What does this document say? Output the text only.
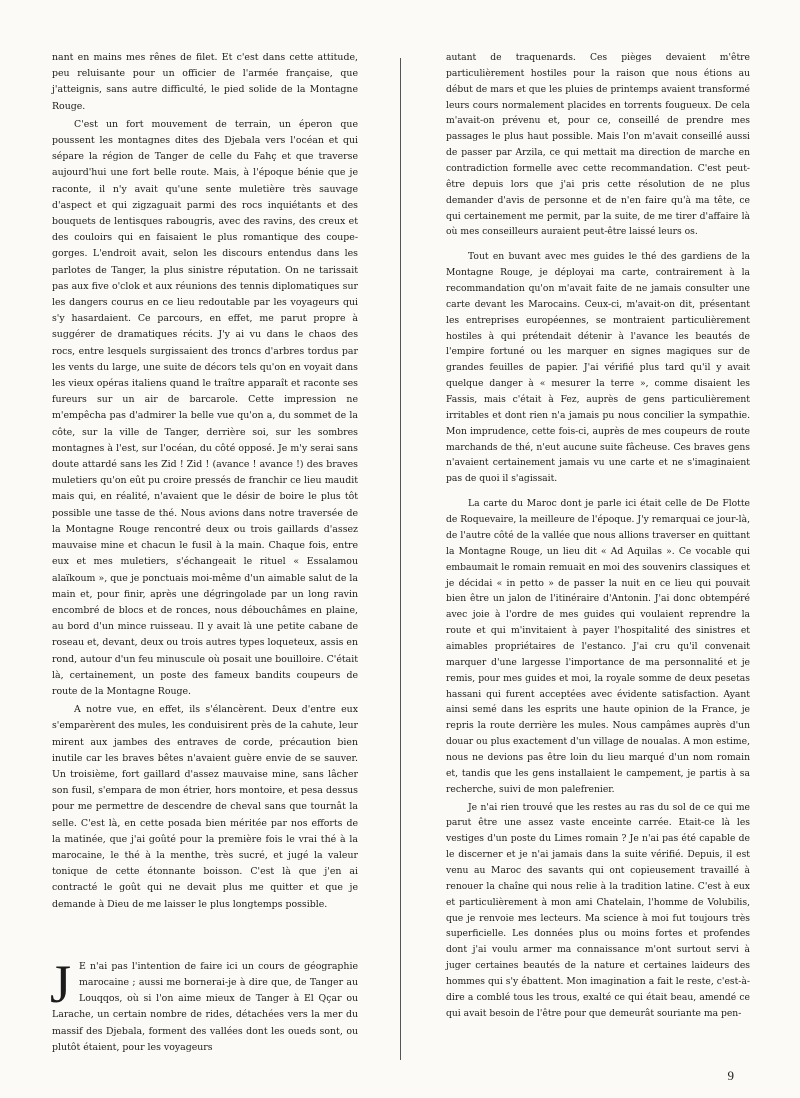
nant en mains mes rênes de filet. Et c'est dans cette attitude, peu reluisante pour un officier de l'armée française, que j'atteignis, sans autre difficulté, le pied solide de la Montagne Rouge.

C'est un fort mouvement de terrain, un éperon que poussent les montagnes dites des Djebala vers l'océan et qui sépare la région de Tanger de celle du Fahç et que traverse aujourd'hui une fort belle route. Mais, à l'époque bénie que je raconte, il n'y avait qu'une sente muletière très sauvage d'aspect et qui zigzaguait parmi des rocs inquiétants et des bouquets de lentisques rabougris, avec des ravins, des creux et des couloirs qui en faisaient le plus romantique des coupe-gorges. L'endroit avait, selon les discours entendus dans les parlotes de Tanger, la plus sinistre réputation. On ne tarissait pas aux five o'clok et aux réunions des tennis diplomatiques sur les dangers courus en ce lieu redoutable par les voyageurs qui s'y hasardaient. Ce parcours, en effet, me parut propre à suggérer de dramatiques récits. J'y ai vu dans le chaos des rocs, entre lesquels surgissaient des troncs d'arbres tordus par les vents du large, une suite de décors tels qu'on en voyait dans les vieux opéras italiens quand le traître apparaît et raconte ses fureurs sur un air de barcarole. Cette impression ne m'empêcha pas d'admirer la belle vue qu'on a, du sommet de la côte, sur la ville de Tanger, derrière soi, sur les sombres montagnes à l'est, sur l'océan, du côté opposé. Je m'y serai sans doute attardé sans les Zid ! Zid ! (avance ! avance !) des braves muletiers qu'on eût pu croire pressés de franchir ce lieu maudit mais qui, en réalité, n'avaient que le désir de boire le plus tôt possible une tasse de thé. Nous avions dans notre traversée de la Montagne Rouge rencontré deux ou trois gaillards d'assez mauvaise mine et chacun le fusil à la main. Chaque fois, entre eux et mes muletiers, s'échangeait le rituel « Essalamou alaïkoum », que je ponctuais moi-même d'un aimable salut de la main et, pour finir, après une dégringolade par un long ravin encombré de blocs et de ronces, nous débouchâmes en plaine, au bord d'un mince ruisseau. Il y avait là une petite cabane de roseau et, devant, deux ou trois autres types loqueteux, assis en rond, autour d'un feu minuscule où posait une bouilloire. C'était là, certainement, un poste des fameux bandits coupeurs de route de la Montagne Rouge.

A notre vue, en effet, ils s'élancèrent. Deux d'entre eux s'emparèrent des mules, les conduisirent près de la cahute, leur mirent aux jambes des entraves de corde, précaution bien inutile car les braves bêtes n'avaient guère envie de se sauver. Un troisième, fort gaillard d'assez mauvaise mine, sans lâcher son fusil, s'empara de mon étrier, hors montoire, et pesa dessus pour me permettre de descendre de cheval sans que tournât la selle. C'est là, en cette posada bien méritée par nos efforts de la matinée, que j'ai goûté pour la première fois le vrai thé à la marocaine, le thé à la menthe, très sucré, et jugé la valeur tonique de cette étonnante boisson. C'est là que j'en ai contracté le goût qui ne devait plus me quitter et que je demande à Dieu de me laisser le plus longtemps possible.

J E n'ai pas l'intention de faire ici un cours de géographie marocaine ; aussi me bornerai-je à dire que, de Tanger au Louqqos, où si l'on aime mieux de Tanger à El Qçar ou Larache, un certain nombre de rides, détachées vers la mer du massif des Djebala, forment des vallées dont les oueds sont, ou plutôt étaient, pour les voyageurs

autant de traquenards. Ces pièges devaient m'être particulièrement hostiles pour la raison que nous étions au début de mars et que les pluies de printemps avaient transformé leurs cours normalement placides en torrents fougueux. De cela m'avait-on prévenu et, pour ce, conseillé de prendre mes passages le plus haut possible. Mais l'on m'avait conseillé aussi de passer par Arzila, ce qui mettait ma direction de marche en contradiction formelle avec cette recommandation. C'est peut-être depuis lors que j'ai pris cette résolution de ne plus demander d'avis de personne et de n'en faire qu'à ma tête, ce qui certainement me permit, par la suite, de me tirer d'affaire là où mes conseilleurs auraient peut-être laissé leurs os.

Tout en buvant avec mes guides le thé des gardiens de la Montagne Rouge, je déployai ma carte, contrairement à la recommandation qu'on m'avait faite de ne jamais consulter une carte devant les Marocains. Ceux-ci, m'avait-on dit, présentant les entreprises européennes, se montraient particulièrement hostiles à qui prétendait détenir à l'avance les beautés de l'empire fortuné ou les marquer en signes magiques sur de grandes feuilles de papier. J'ai vérifié plus tard qu'il y avait quelque danger à « mesurer la terre », comme disaient les Fassis, mais c'était à Fez, auprès de gens particulièrement irritables et dont rien n'a jamais pu nous concilier la sympathie. Mon imprudence, cette fois-ci, auprès de mes coupeurs de route marchands de thé, n'eut aucune suite fâcheuse. Ces braves gens n'avaient certainement jamais vu une carte et ne s'imaginaient pas de quoi il s'agissait.

La carte du Maroc dont je parle ici était celle de De Flotte de Roquevaire, la meilleure de l'époque. J'y remarquai ce jour-là, de l'autre côté de la vallée que nous allions traverser en quittant la Montagne Rouge, un lieu dit « Ad Aquilas ». Ce vocable qui embaumait le romain remuait en moi des souvenirs classiques et je décidai « in petto » de passer la nuit en ce lieu qui pouvait bien être un jalon de l'itinéraire d'Antonin. J'ai donc obtempéré avec joie à l'ordre de mes guides qui voulaient reprendre la route et qui m'invitaient à payer l'hospitalité des sinistres et aimables propriétaires de l'estanco. J'ai cru qu'il convenait marquer d'une largesse l'importance de ma personnalité et je remis, pour mes guides et moi, la royale somme de deux pesetas hassani qui furent acceptées avec évidente satisfaction. Ayant ainsi semé dans les esprits une haute opinion de la France, je repris la route derrière les mules. Nous campâmes auprès d'un douar ou plus exactement d'un village de noualas. A mon estime, nous ne devions pas être loin du lieu marqué d'un nom romain et, tandis que les gens installaient le campement, je partis à sa recherche, suivi de mon palefrenier.

Je n'ai rien trouvé que les restes au ras du sol de ce qui me parut être une assez vaste enceinte carrée. Etait-ce là les vestiges d'un poste du Limes romain ? Je n'ai pas été capable de le discerner et je n'ai jamais dans la suite vérifié. Depuis, il est venu au Maroc des savants qui ont copieusement travaillé à renouer la chaîne qui nous relie à la tradition latine. C'est à eux et particulièrement à mon ami Chatelain, l'homme de Volubilis, que je renvoie mes lecteurs. Ma science à moi fut toujours très superficielle. Les données plus ou moins fortes et profendes dont j'ai voulu armer ma connaissance m'ont surtout servi à juger certaines beautés de la nature et certaines laideurs des hommes qui s'y ébattent. Mon imagination a fait le reste, c'est-à-dire a comblé tous les trous, exalté ce qui était beau, amendé ce qui avait besoin de l'être pour que demeurât souriante ma pen-

9
